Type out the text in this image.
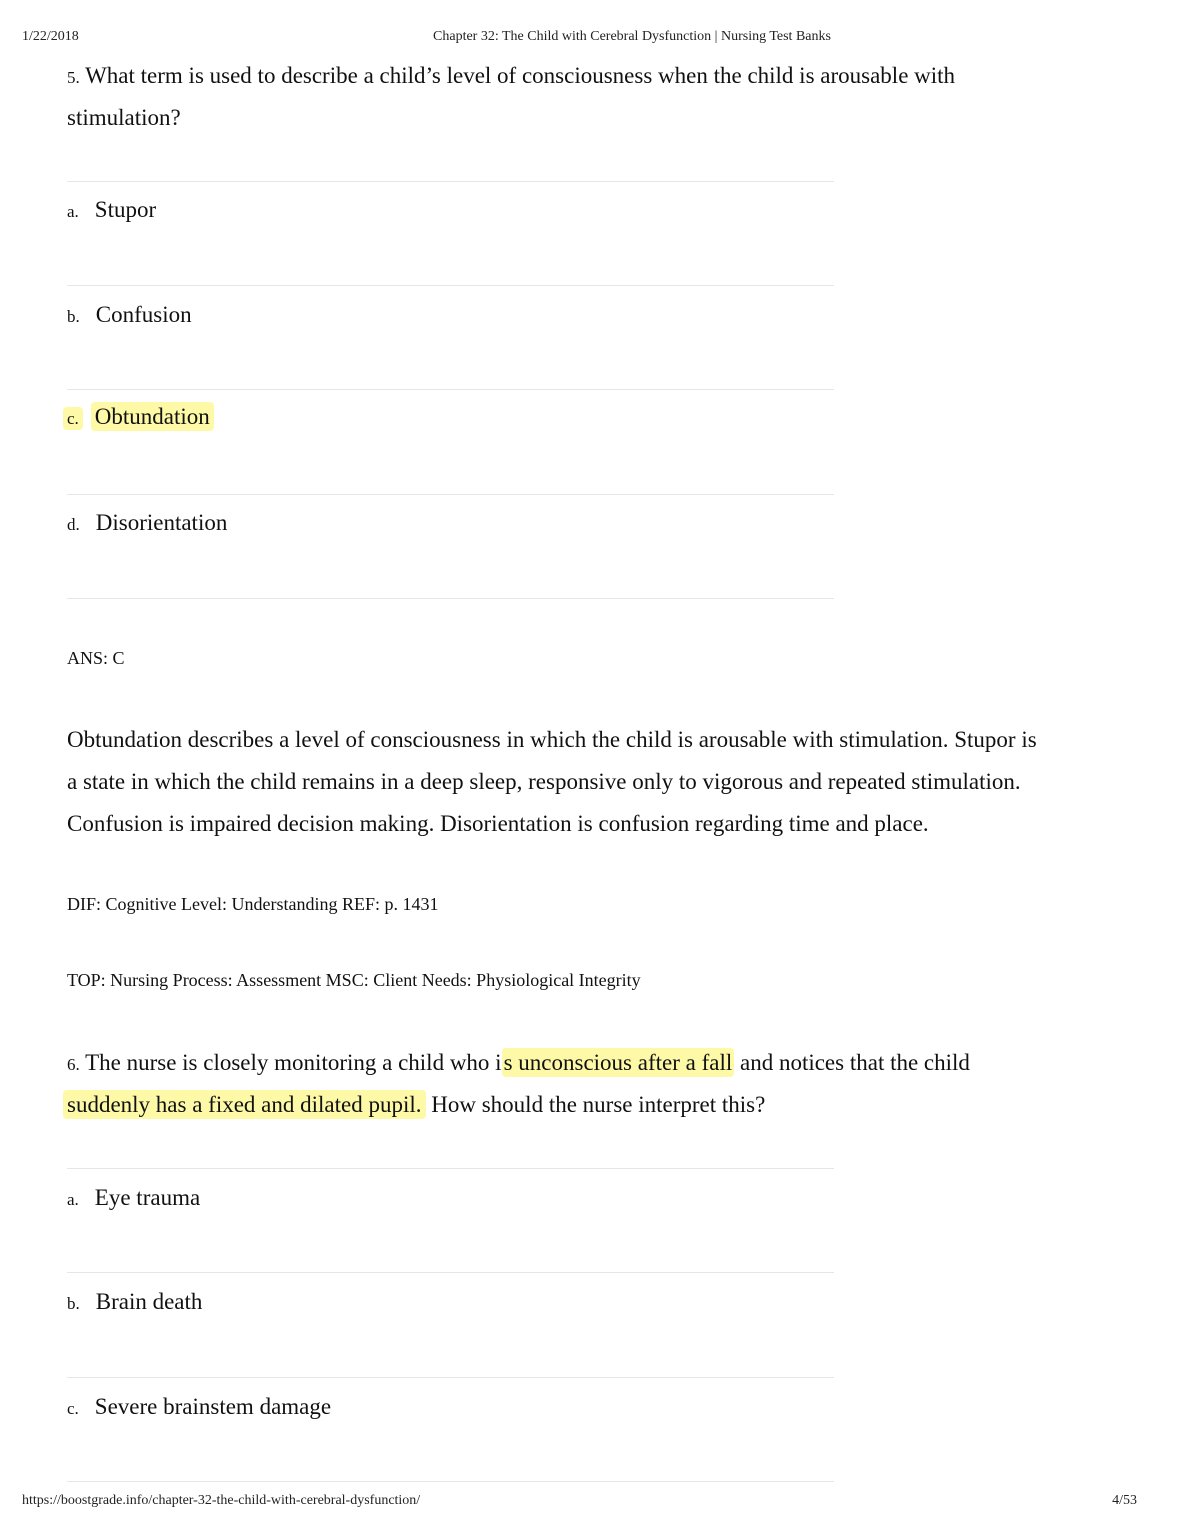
1/22/2018	Chapter 32: The Child with Cerebral Dysfunction | Nursing Test Banks
5. What term is used to describe a child’s level of consciousness when the child is arousable with
stimulation?
a. Stupor
b. Confusion
c. Obtundation
d. Disorientation
ANS: C
Obtundation describes a level of consciousness in which the child is arousable with stimulation. Stupor is
a state in which the child remains in a deep sleep, responsive only to vigorous and repeated stimulation.
Confusion is impaired decision making. Disorientation is confusion regarding time and place.
DIF: Cognitive Level: Understanding REF: p. 1431
TOP: Nursing Process: Assessment MSC: Client Needs: Physiological Integrity
6. The nurse is closely monitoring a child who is unconscious after a fall and notices that the child
suddenly has a fixed and dilated pupil. How should the nurse interpret this?
a. Eye trauma
b. Brain death
c. Severe brainstem damage
https://boostgrade.info/chapter-32-the-child-with-cerebral-dysfunction/	4/53
